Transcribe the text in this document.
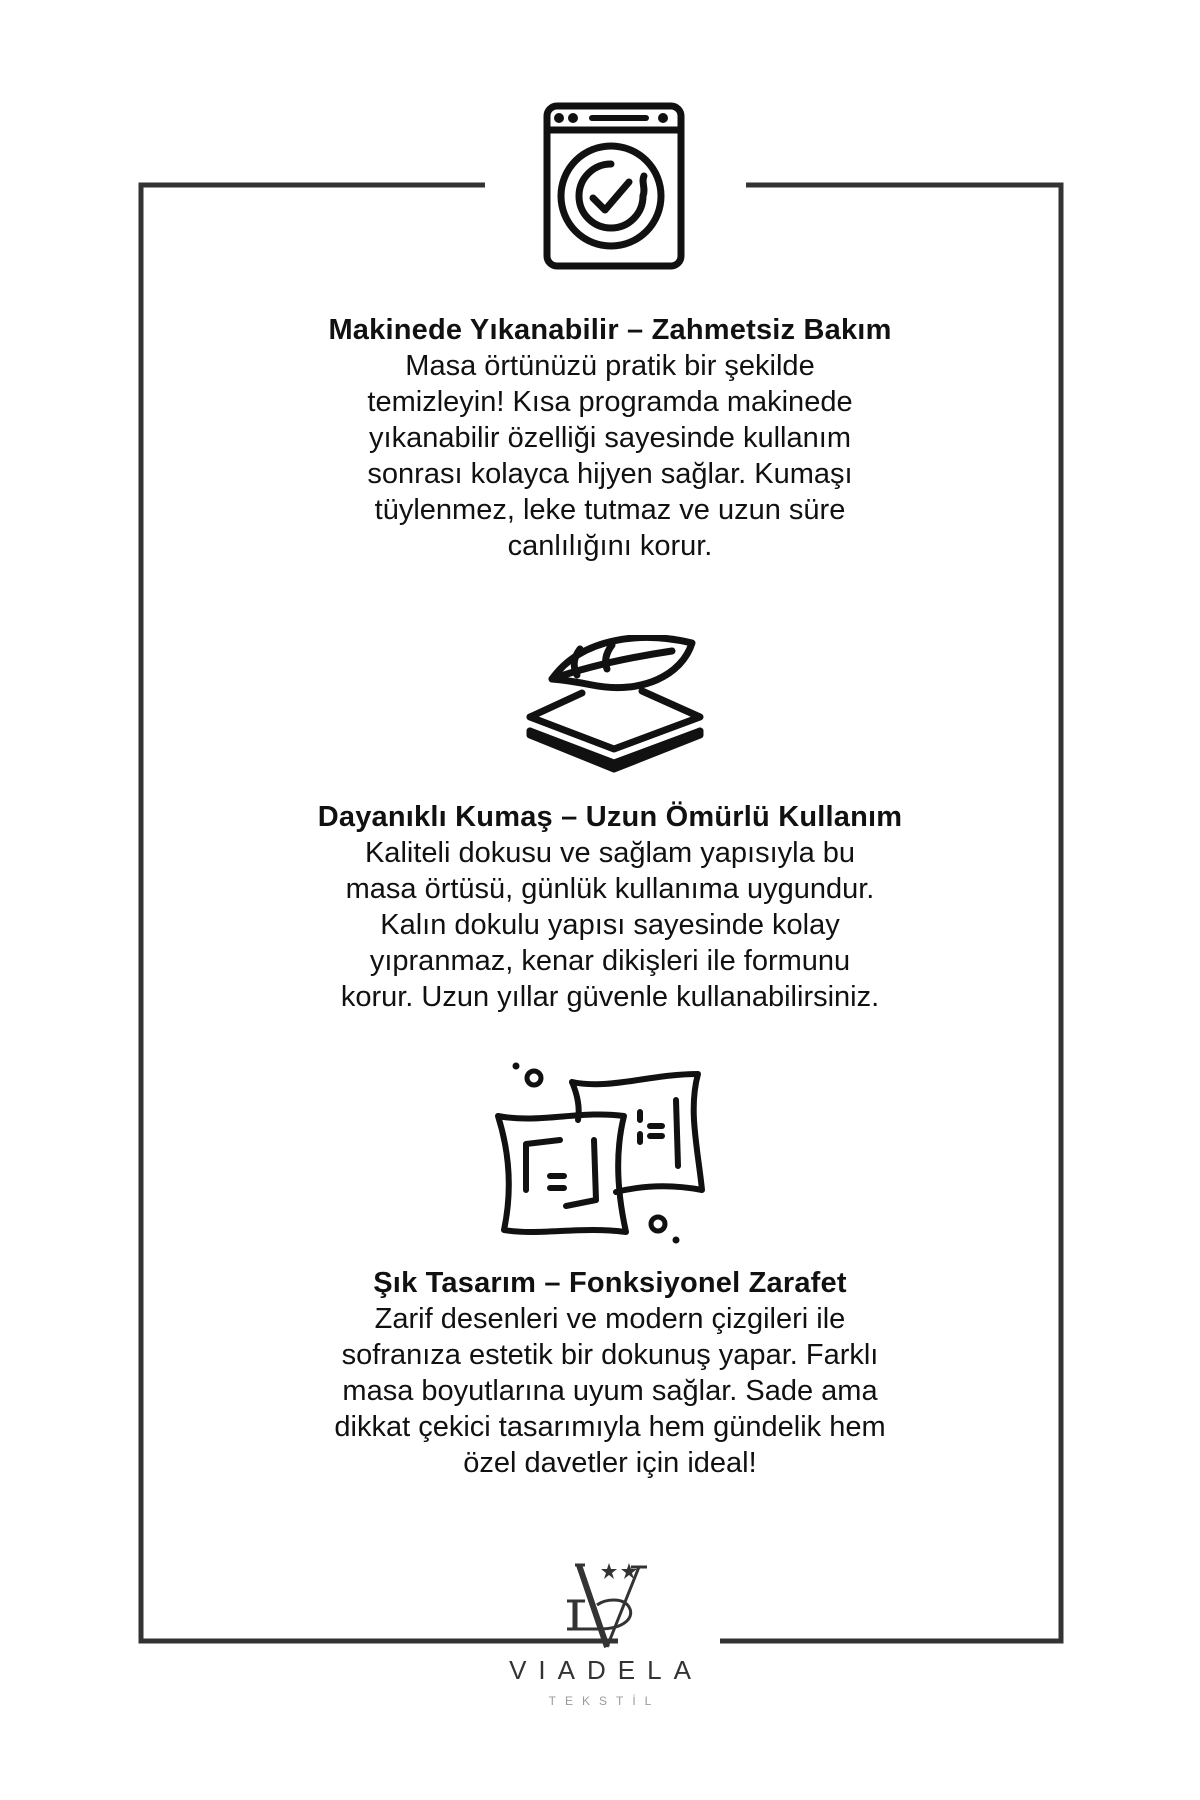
Makinede Yıkanabilir – Zahmetsiz Bakım

Masa örtünüzü pratik bir şekilde
temizleyin! Kısa programda makinede
yıkanabilir özelliği sayesinde kullanım
sonrası kolayca hijyen sağlar. Kumaşı
tüylenmez, leke tutmaz ve uzun süre
canlılığını korur.

Dayanıklı Kumaş – Uzun Ömürlü Kullanım

Kaliteli dokusu ve sağlam yapısıyla bu
masa örtüsü, günlük kullanıma uygundur.
Kalın dokulu yapısı sayesinde kolay
yıpranmaz, kenar dikişleri ile formunu
korur. Uzun yıllar güvenle kullanabilirsiniz.

Şık Tasarım – Fonksiyonel Zarafet

Zarif desenleri ve modern çizgileri ile
sofranıza estetik bir dokunuş yapar. Farklı
masa boyutlarına uyum sağlar. Sade ama
dikkat çekici tasarımıyla hem gündelik hem
özel davetler için ideal!

VIADELA
TEKSTİL
